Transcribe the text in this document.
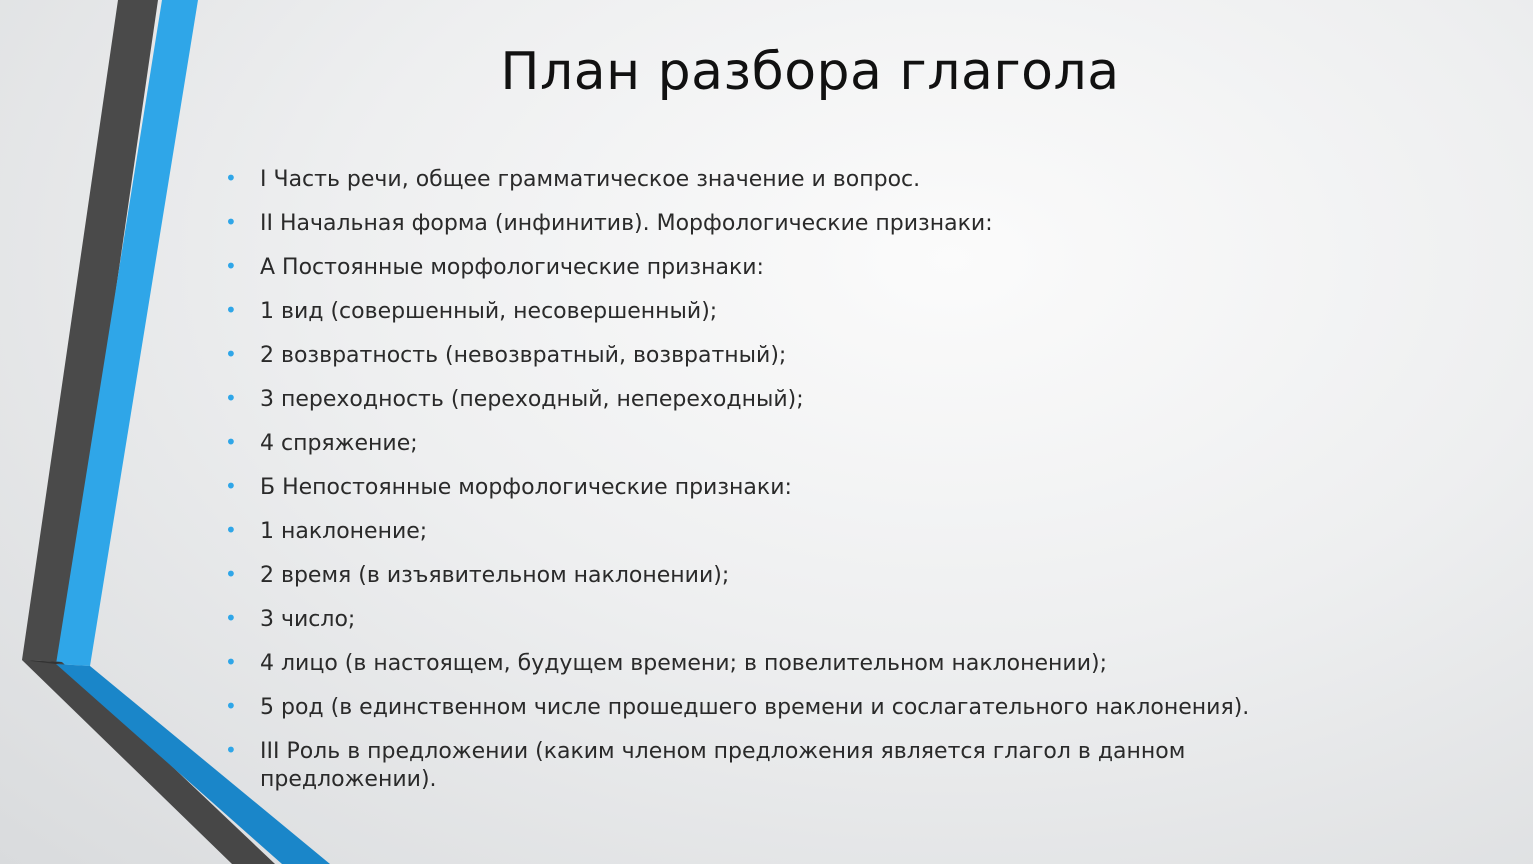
План разбора глагола
• I Часть речи, общее грамматическое значение и вопрос.
• II Начальная форма (инфинитив). Морфологические признаки:
• А Постоянные морфологические признаки:
• 1 вид (совершенный, несовершенный);
• 2 возвратность (невозвратный, возвратный);
• 3 переходность (переходный, непереходный);
• 4 спряжение;
• Б Непостоянные морфологические признаки:
• 1 наклонение;
• 2 время (в изъявительном наклонении);
• 3 число;
• 4 лицо (в настоящем, будущем времени; в повелительном наклонении);
• 5 род (в единственном числе прошедшего времени и сослагательного наклонения).
• III Роль в предложении (каким членом предложения является глагол в данном предложении).
